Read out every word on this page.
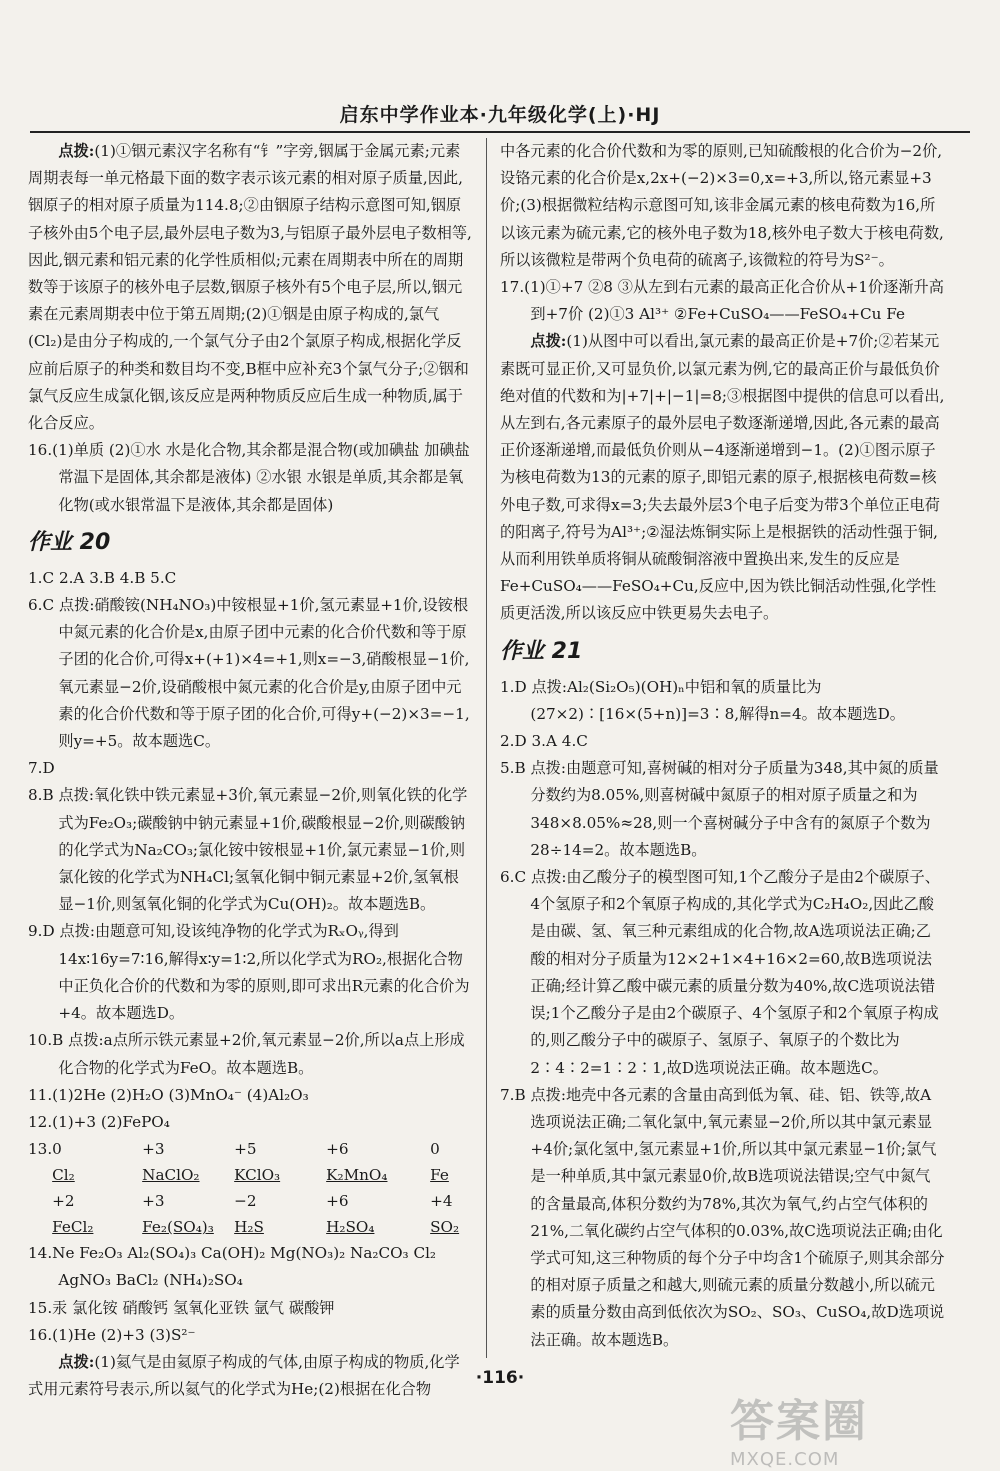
启东中学作业本·九年级化学(上)·HJ

点拨:(1)①铟元素汉字名称有“钅”字旁,铟属于金属元素;元素周期表每一单元格最下面的数字表示该元素的相对原子质量,因此,铟原子的相对原子质量为114.8;②由铟原子结构示意图可知,铟原子核外由5个电子层,最外层电子数为3,与铝原子最外层电子数相等,因此,铟元素和铝元素的化学性质相似;元素在周期表中所在的周期数等于该原子的核外电子层数,铟原子核外有5个电子层,所以,铟元素在元素周期表中位于第五周期;(2)①铟是由原子构成的,氯气(Cl₂)是由分子构成的,一个氯气分子由2个氯原子构成,根据化学反应前后原子的种类和数目均不变,B框中应补充3个氯气分子;②铟和氯气反应生成氯化铟,该反应是两种物质反应后生成一种物质,属于化合反应。

16.(1)单质 (2)①水 水是化合物,其余都是混合物(或加碘盐 加碘盐常温下是固体,其余都是液体) ②水银 水银是单质,其余都是氧化物(或水银常温下是液体,其余都是固体)

作业 20

1.C 2.A 3.B 4.B 5.C

6.C 点拨:硝酸铵(NH₄NO₃)中铵根显+1价,氢元素显+1价,设铵根中氮元素的化合价是x,由原子团中元素的化合价代数和等于原子团的化合价,可得x+(+1)×4=+1,则x=−3,硝酸根显−1价,氧元素显−2价,设硝酸根中氮元素的化合价是y,由原子团中元素的化合价代数和等于原子团的化合价,可得y+(−2)×3=−1,则y=+5。故本题选C。

7.D

8.B 点拨:氧化铁中铁元素显+3价,氧元素显−2价,则氧化铁的化学式为Fe₂O₃;碳酸钠中钠元素显+1价,碳酸根显−2价,则碳酸钠的化学式为Na₂CO₃;氯化铵中铵根显+1价,氯元素显−1价,则氯化铵的化学式为NH₄Cl;氢氧化铜中铜元素显+2价,氢氧根显−1价,则氢氧化铜的化学式为Cu(OH)₂。故本题选B。

9.D 点拨:由题意可知,设该纯净物的化学式为RₓOᵧ,得到14x∶16y=7∶16,解得x∶y=1∶2,所以化学式为RO₂,根据化合物中正负化合价的代数和为零的原则,即可求出R元素的化合价为+4。故本题选D。

10.B 点拨:a点所示铁元素显+2价,氧元素显−2价,所以a点上形成化合物的化学式为FeO。故本题选B。

11.(1)2He (2)H₂O (3)MnO₄⁻ (4)Al₂O₃

12.(1)+3 (2)FePO₄

13. 0	+3	+5	+6	0
Cl₂	NaClO₂	KClO₃	K₂MnO₄	Fe
+2	+3	−2	+6	+4
FeCl₂	Fe₂(SO₄)₃	H₂S	H₂SO₄	SO₂

14.Ne Fe₂O₃ Al₂(SO₄)₃ Ca(OH)₂ Mg(NO₃)₂ Na₂CO₃ Cl₂ AgNO₃ BaCl₂ (NH₄)₂SO₄

15.汞 氯化铵 硝酸钙 氢氧化亚铁 氩气 碳酸钾

16.(1)He (2)+3 (3)S²⁻

点拨:(1)氦气是由氦原子构成的气体,由原子构成的物质,化学式用元素符号表示,所以氦气的化学式为He;(2)根据在化合物

中各元素的化合价代数和为零的原则,已知硫酸根的化合价为−2价,设铬元素的化合价是x,2x+(−2)×3=0,x=+3,所以,铬元素显+3价;(3)根据微粒结构示意图可知,该非金属元素的核电荷数为16,所以该元素为硫元素,它的核外电子数为18,核外电子数大于核电荷数,所以该微粒是带两个负电荷的硫离子,该微粒的符号为S²⁻。

17.(1)①+7 ②8 ③从左到右元素的最高正化合价从+1价逐渐升高到+7价 (2)①3 Al³⁺ ②Fe+CuSO₄——FeSO₄+Cu Fe

点拨:(1)从图中可以看出,氯元素的最高正价是+7价;②若某元素既可显正价,又可显负价,以氯元素为例,它的最高正价与最低负价绝对值的代数和为|+7|+|−1|=8;③根据图中提供的信息可以看出,从左到右,各元素原子的最外层电子数逐渐递增,因此,各元素的最高正价逐渐递增,而最低负价则从−4逐渐递增到−1。(2)①图示原子为核电荷数为13的元素的原子,即铝元素的原子,根据核电荷数=核外电子数,可求得x=3;失去最外层3个电子后变为带3个单位正电荷的阳离子,符号为Al³⁺;②湿法炼铜实际上是根据铁的活动性强于铜,从而利用铁单质将铜从硫酸铜溶液中置换出来,发生的反应是Fe+CuSO₄——FeSO₄+Cu,反应中,因为铁比铜活动性强,化学性质更活泼,所以该反应中铁更易失去电子。

作业 21

1.D 点拨:Al₂(Si₂O₅)(OH)ₙ中铝和氧的质量比为(27×2)∶[16×(5+n)]=3∶8,解得n=4。故本题选D。

2.D 3.A 4.C

5.B 点拨:由题意可知,喜树碱的相对分子质量为348,其中氮的质量分数约为8.05%,则喜树碱中氮原子的相对原子质量之和为348×8.05%≈28,则一个喜树碱分子中含有的氮原子个数为28÷14=2。故本题选B。

6.C 点拨:由乙酸分子的模型图可知,1个乙酸分子是由2个碳原子、4个氢原子和2个氧原子构成的,其化学式为C₂H₄O₂,因此乙酸是由碳、氢、氧三种元素组成的化合物,故A选项说法正确;乙酸的相对分子质量为12×2+1×4+16×2=60,故B选项说法正确;经计算乙酸中碳元素的质量分数为40%,故C选项说法错误;1个乙酸分子是由2个碳原子、4个氢原子和2个氧原子构成的,则乙酸分子中的碳原子、氢原子、氧原子的个数比为2∶4∶2=1∶2∶1,故D选项说法正确。故本题选C。

7.B 点拨:地壳中各元素的含量由高到低为氧、硅、铝、铁等,故A选项说法正确;二氧化氯中,氧元素显−2价,所以其中氯元素显+4价;氯化氢中,氢元素显+1价,所以其中氯元素显−1价;氯气是一种单质,其中氯元素显0价,故B选项说法错误;空气中氮气的含量最高,体积分数约为78%,其次为氧气,约占空气体积的21%,二氧化碳约占空气体积的0.03%,故C选项说法正确;由化学式可知,这三种物质的每个分子中均含1个硫原子,则其余部分的相对原子质量之和越大,则硫元素的质量分数越小,所以硫元素的质量分数由高到低依次为SO₂、SO₃、CuSO₄,故D选项说法正确。故本题选B。

·116·
答案圈
MXQE.COM
